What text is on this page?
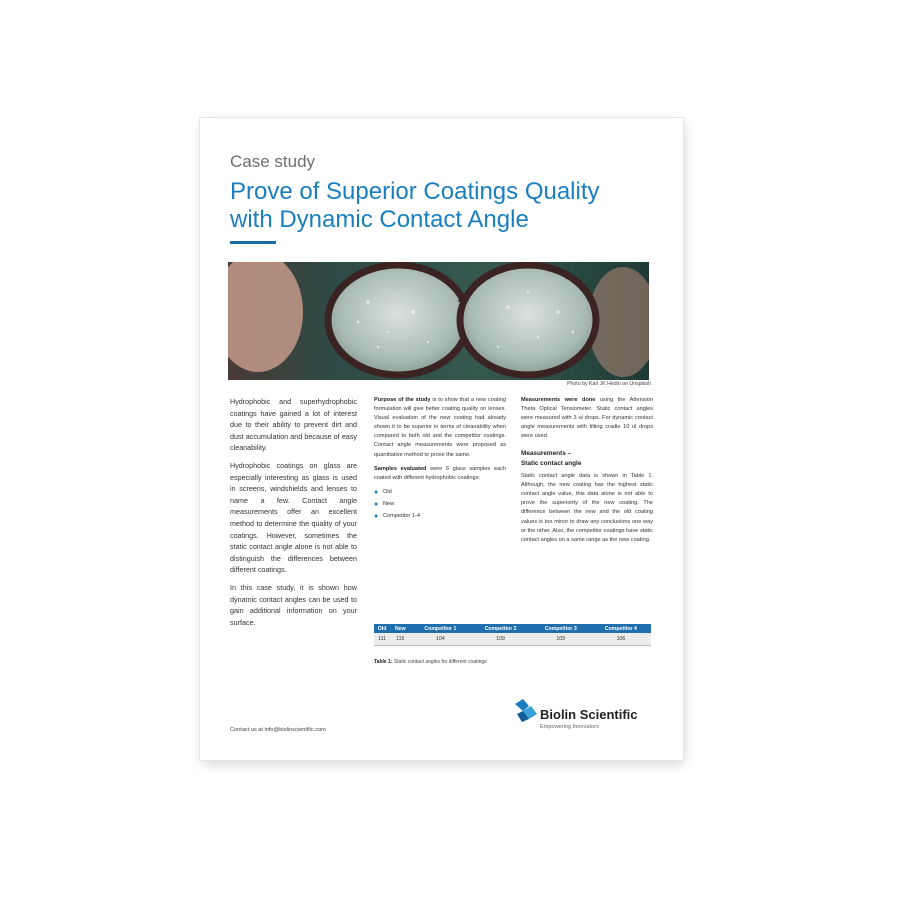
Case study
Prove of Superior Coatings Quality
with Dynamic Contact Angle
Photo by Karl JK Hedin on Unsplash

Hydrophobic and superhydrophobic coatings have gained a lot of interest due to their ability to prevent dirt and dust accumulation and because of easy cleanability.

Hydrophobic coatings on glass are especially interesting as glass is used in screens, windshields and lenses to name a few. Contact angle measurements offer an excellent method to determine the quality of your coatings. However, sometimes the static contact angle alone is not able to distinguish the differences between different coatings.

In this case study, it is shown how dynamic contact angles can be used to gain additional information on your surface.

Purpose of the study is to show that a new coating formulation will give better coating quality on lenses. Visual evaluation of the new coating had already shown it to be superior in terms of cleanability when compared to both old and the competitor coatings. Contact angle measurements were proposed as quantitative method to prove the same.

Samples evaluated were 6 glass samples each coated with different hydrophobic coatings:

● Old
● New
● Competitor 1-4

Measurements were done using the Attension Theta Optical Tensiometer. Static contact angles were measured with 3 ul drops. For dynamic contact angle measurements with tilting cradle 10 ul drops were used.

Measurements –
Static contact angle

Static contact angle data is shown in Table 1. Although, the new coating has the highest static contact angle value, this data alone is not able to prove the superiority of the new coating. The difference between the new and the old coating values is too minor to draw any conclusions one way or the other. Also, the competitor coatings have static contact angles on a same range as the new coating.

Old	New	Competitor 1	Competitor 2	Competitor 3	Competitor 4
111	115	104	109	109	106
Table 1: Static contact angles for different coatings
Contact us at info@biolinscientific.com
Biolin Scientific
Empowering Innovators
